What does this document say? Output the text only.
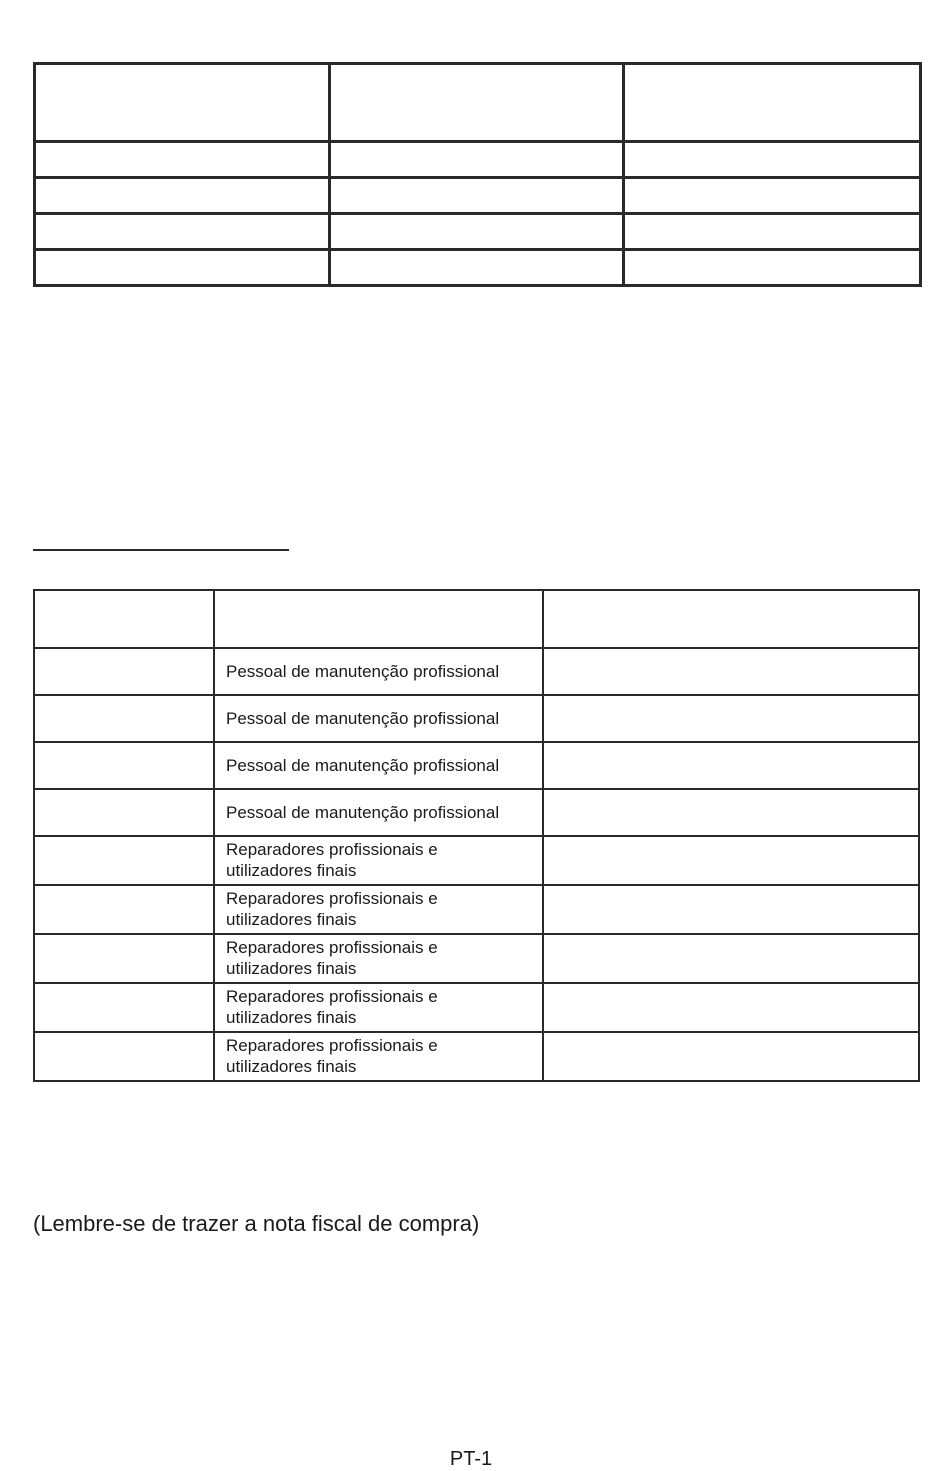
	Pessoal de manutenção profissional	
	Pessoal de manutenção profissional	
	Pessoal de manutenção profissional	
	Pessoal de manutenção profissional	
	Reparadores profissionais e
utilizadores finais	
	Reparadores profissionais e
utilizadores finais	
	Reparadores profissionais e
utilizadores finais	
	Reparadores profissionais e
utilizadores finais	
	Reparadores profissionais e
utilizadores finais	
(Lembre-se de trazer a nota fiscal de compra)
PT-1
